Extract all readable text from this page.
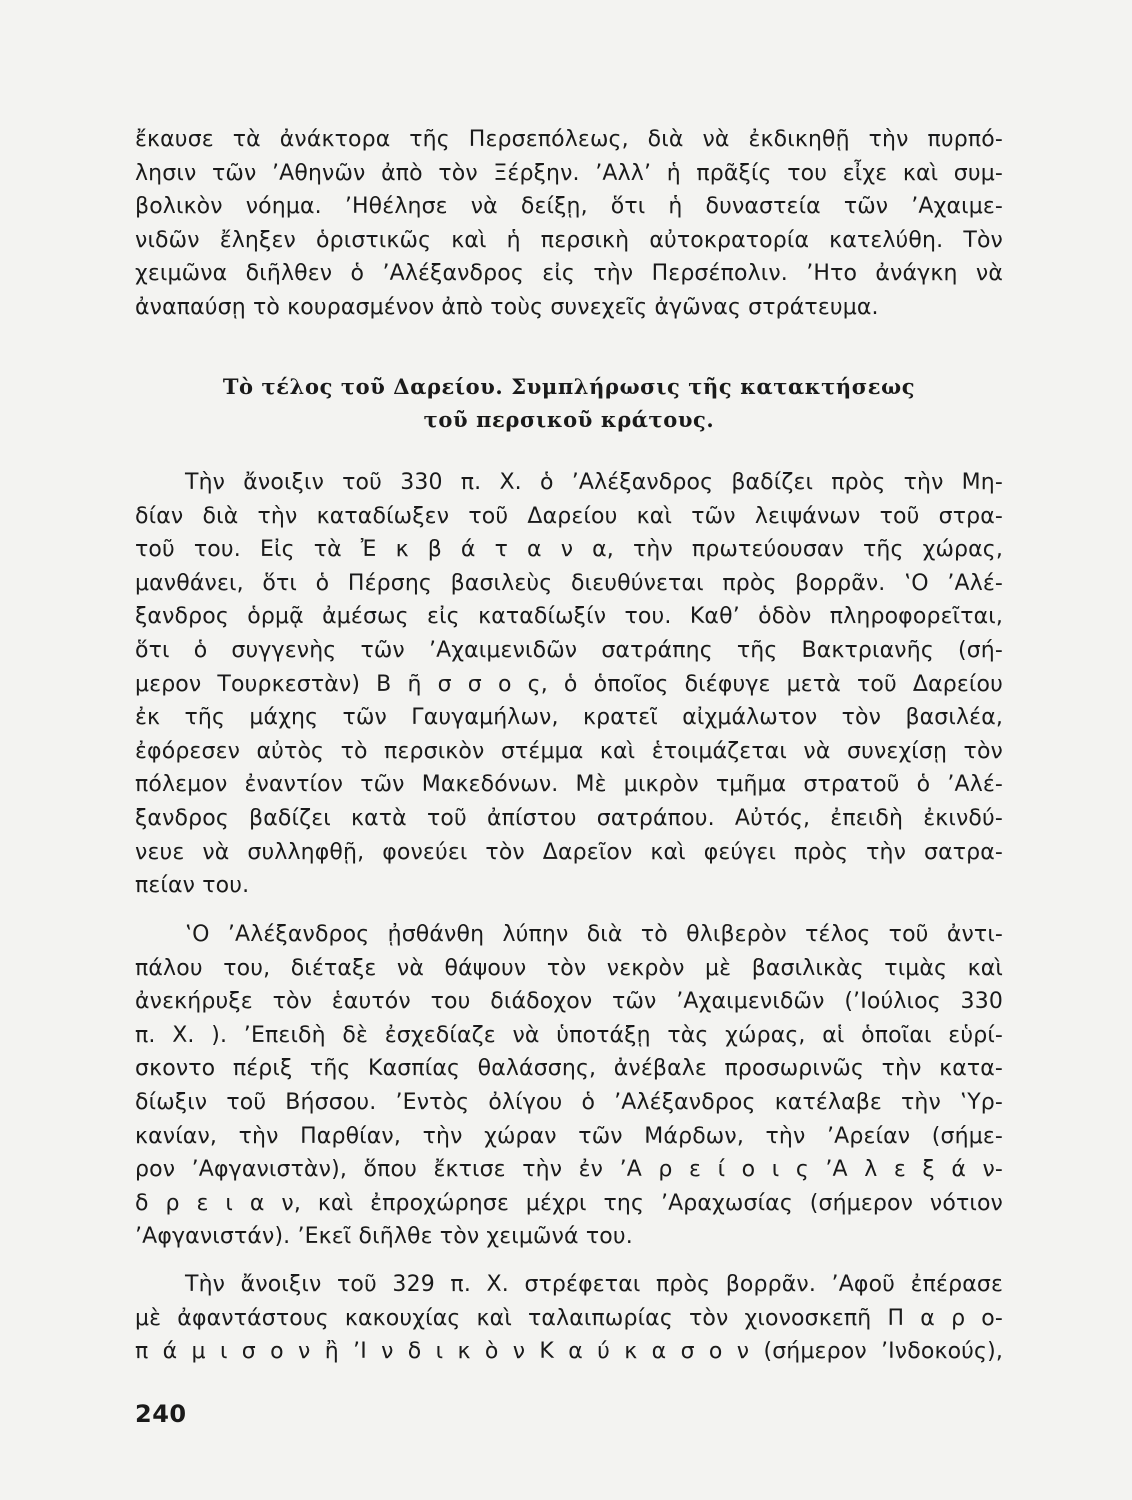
ἔκαυσε τὰ ἀνάκτορα τῆς Περσεπόλεως, διὰ νὰ ἐκδικηθῇ τὴν πυρπό-
λησιν τῶν ’Αθηνῶν ἀπὸ τὸν Ξέρξην. ’Αλλ’ ἡ πρᾶξίς του εἶχε καὶ συμ-
βολικὸν νόημα. ’Ηθέλησε νὰ δείξῃ, ὅτι ἡ δυναστεία τῶν ’Αχαιμε-
νιδῶν ἔληξεν ὁριστικῶς καὶ ἡ περσικὴ αὐτοκρατορία κατελύθη. Τὸν
χειμῶνα διῆλθεν ὁ ’Αλέξανδρος εἰς τὴν Περσέπολιν. ’Ητο ἀνάγκη νὰ
ἀναπαύσῃ τὸ κουρασμένον ἀπὸ τοὺς συνεχεῖς ἀγῶνας στράτευμα.
Τὸ τέλος τοῦ Δαρείου. Συμπλήρωσις τῆς κατακτήσεως
τοῦ περσικοῦ κράτους.
Τὴν ἄνοιξιν τοῦ 330 π. Χ. ὁ ’Αλέξανδρος βαδίζει πρὸς τὴν Μη-
δίαν διὰ τὴν καταδίωξεν τοῦ Δαρείου καὶ τῶν λειψάνων τοῦ στρα-
τοῦ του. Εἰς τὰ Ἐ κ β ά τ α ν α, τὴν πρωτεύουσαν τῆς χώρας,
μανθάνει, ὅτι ὁ Πέρσης βασιλεὺς διευθύνεται πρὸς βορρᾶν. ‛Ο ’Αλέ-
ξανδρος ὁρμᾷ ἀμέσως εἰς καταδίωξίν του. Καθ’ ὁδὸν πληροφορεῖται,
ὅτι ὁ συγγενὴς τῶν ’Αχαιμενιδῶν σατράπης τῆς Βακτριανῆς (σή-
μερον Τουρκεστὰν) Β ῆ σ σ ο ς, ὁ ὁποῖος διέφυγε μετὰ τοῦ Δαρείου
ἐκ τῆς μάχης τῶν Γαυγαμήλων, κρατεῖ αἰχμάλωτον τὸν βασιλέα,
ἐφόρεσεν αὐτὸς τὸ περσικὸν στέμμα καὶ ἑτοιμάζεται νὰ συνεχίσῃ τὸν
πόλεμον ἐναντίον τῶν Μακεδόνων. Μὲ μικρὸν τμῆμα στρατοῦ ὁ ’Αλέ-
ξανδρος βαδίζει κατὰ τοῦ ἀπίστου σατράπου. Αὐτός, ἐπειδὴ ἐκινδύ-
νευε νὰ συλληφθῇ, φονεύει τὸν Δαρεῖον καὶ φεύγει πρὸς τὴν σατρα-
πείαν του.
‛Ο ’Αλέξανδρος ᾐσθάνθη λύπην διὰ τὸ θλιβερὸν τέλος τοῦ ἀντι-
πάλου του, διέταξε νὰ θάψουν τὸν νεκρὸν μὲ βασιλικὰς τιμὰς καὶ
ἀνεκήρυξε τὸν ἑαυτόν του διάδοχον τῶν ’Αχαιμενιδῶν (’Ιούλιος 330
π. Χ. ). ’Επειδὴ δὲ ἐσχεδίαζε νὰ ὑποτάξῃ τὰς χώρας, αἱ ὁποῖαι εὑρί-
σκοντο πέριξ τῆς Κασπίας θαλάσσης, ἀνέβαλε προσωρινῶς τὴν κατα-
δίωξιν τοῦ Βήσσου. ’Εντὸς ὀλίγου ὁ ’Αλέξανδρος κατέλαβε τὴν ‛Υρ-
κανίαν, τὴν Παρθίαν, τὴν χώραν τῶν Μάρδων, τὴν ’Αρείαν (σήμε-
ρον ’Αφγανιστὰν), ὅπου ἔκτισε τὴν ἐν ’Α ρ ε ί ο ι ς ’Α λ ε ξ ά ν-
δ ρ ε ι α ν, καὶ ἐπροχώρησε μέχρι της ’Αραχωσίας (σήμερον νότιον
’Αφγανιστάν). ’Εκεῖ διῆλθε τὸν χειμῶνά του.
Τὴν ἄνοιξιν τοῦ 329 π. Χ. στρέφεται πρὸς βορρᾶν. ’Αφοῦ ἐπέρασε
μὲ ἀφαντάστους κακουχίας καὶ ταλαιπωρίας τὸν χιονοσκεπῆ Π α ρ ο-
π ά μ ι σ ο ν ἢ ’Ι ν δ ι κ ὸ ν Κ α ύ κ α σ ο ν (σήμερον ’Ινδοκούς),
240
